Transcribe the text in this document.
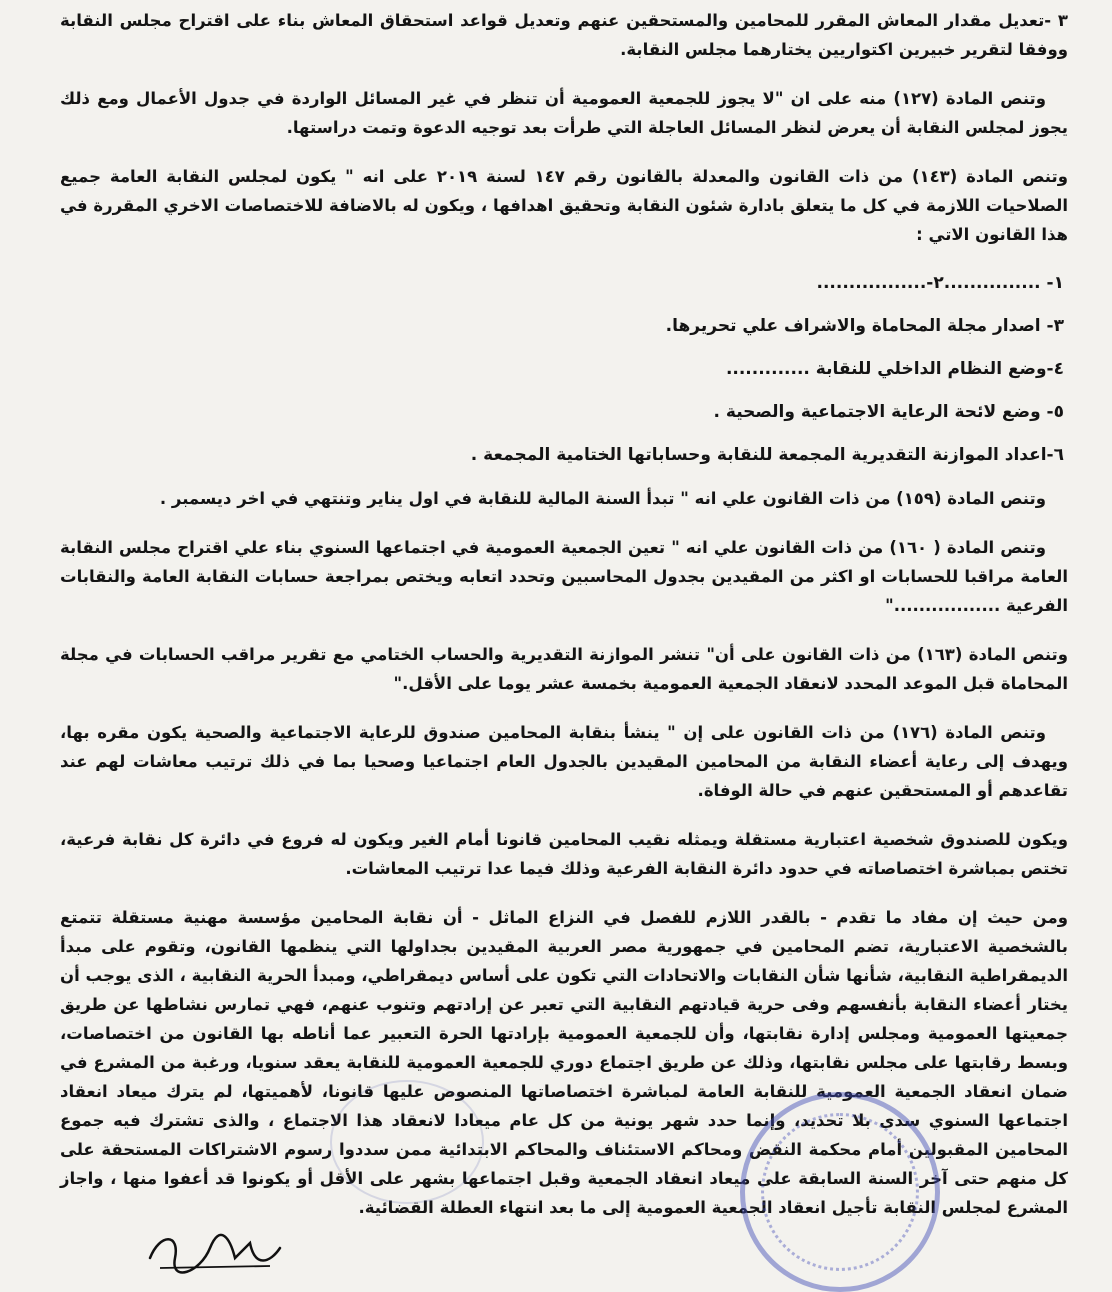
٣ -تعديل مقدار المعاش المقرر للمحامين والمستحقين عنهم وتعديل قواعد استحقاق المعاش بناء على اقتراح مجلس النقابة ووفقا لتقرير خبيرين اكتواريين يختارهما مجلس النقابة.

وتنص المادة (١٢٧) منه على ان "لا يجوز للجمعية العمومية أن تنظر في غير المسائل الواردة في جدول الأعمال ومع ذلك يجوز لمجلس النقابة أن يعرض لنظر المسائل العاجلة التي طرأت بعد توجيه الدعوة وتمت دراستها.

وتنص المادة (١٤٣) من ذات القانون والمعدلة بالقانون رقم ١٤٧ لسنة ٢٠١٩ على انه " يكون لمجلس النقابة العامة جميع الصلاحيات اللازمة في كل ما يتعلق بادارة شئون النقابة وتحقيق اهدافها ، ويكون له بالاضافة للاختصاصات الاخري المقررة في هذا القانون الاتي :

١- ...............٢-.................
٣- اصدار مجلة المحاماة والاشراف علي تحريرها.
٤-وضع النظام الداخلي للنقابة .............
٥- وضع لائحة الرعاية الاجتماعية والصحية .
٦-اعداد الموازنة التقديرية المجمعة للنقابة وحساباتها الختامية المجمعة .

وتنص المادة (١٥٩) من ذات القانون علي انه " تبدأ السنة المالية للنقابة في اول يناير وتنتهي في اخر ديسمبر .

وتنص المادة ( ١٦٠) من ذات القانون علي انه " تعين الجمعية العمومية في اجتماعها السنوي بناء علي اقتراح مجلس النقابة العامة مراقبا للحسابات او اكثر من المقيدين بجدول المحاسبين وتحدد اتعابه ويختص بمراجعة حسابات النقابة العامة والنقابات الفرعية ................."

وتنص المادة (١٦٣) من ذات القانون على أن" تنشر الموازنة التقديرية والحساب الختامي مع تقرير مراقب الحسابات في مجلة المحاماة قبل الموعد المحدد لانعقاد الجمعية العمومية بخمسة عشر يوما على الأقل."

وتنص المادة (١٧٦) من ذات القانون على إن " ينشأ بنقابة المحامين صندوق للرعاية الاجتماعية والصحية يكون مقره بها، ويهدف إلى رعاية أعضاء النقابة من المحامين المقيدين بالجدول العام اجتماعيا وصحيا بما في ذلك ترتيب معاشات لهم عند تقاعدهم أو المستحقين عنهم في حالة الوفاة.

ويكون للصندوق شخصية اعتبارية مستقلة ويمثله نقيب المحامين قانونا أمام الغير ويكون له فروع في دائرة كل نقابة فرعية، تختص بمباشرة اختصاصاته في حدود دائرة النقابة الفرعية وذلك فيما عدا ترتيب المعاشات.

ومن حيث إن مفاد ما تقدم - بالقدر اللازم للفصل في النزاع الماثل - أن نقابة المحامين مؤسسة مهنية مستقلة تتمتع بالشخصية الاعتبارية، تضم المحامين في جمهورية مصر العربية المقيدين بجداولها التي ينظمها القانون، وتقوم على مبدأ الديمقراطية النقابية، شأنها شأن النقابات والاتحادات التي تكون على أساس ديمقراطي، ومبدأ الحرية النقابية ، الذى يوجب أن يختار أعضاء النقابة بأنفسهم وفى حرية قيادتهم النقابية التي تعبر عن إرادتهم وتنوب عنهم، فهي تمارس نشاطها عن طريق جمعيتها العمومية ومجلس إدارة نقابتها، وأن للجمعية العمومية بإرادتها الحرة التعبير عما أناطه بها القانون من اختصاصات، وبسط رقابتها على مجلس نقابتها، وذلك عن طريق اجتماع دوري للجمعية العمومية للنقابة يعقد سنويا، ورغبة من المشرع في ضمان انعقاد الجمعية العمومية للنقابة العامة لمباشرة اختصاصاتها المنصوص عليها قانونا، لأهميتها، لم يترك ميعاد انعقاد اجتماعها السنوي سدى بلا تحديد، وإنما حدد شهر يونية من كل عام ميعادا لانعقاد هذا الاجتماع ، والذى تشترك فيه جموع المحامين المقبولين أمام محكمة النقض ومحاكم الاستئناف والمحاكم الابتدائية ممن سددوا رسوم الاشتراكات المستحقة على كل منهم حتى آخر السنة السابقة على ميعاد انعقاد الجمعية وقبل اجتماعها بشهر على الأقل أو يكونوا قد أعفوا منها ، واجاز المشرع لمجلس النقابة تأجيل انعقاد الجمعية العمومية إلى ما بعد انتهاء العطلة القضائية.
